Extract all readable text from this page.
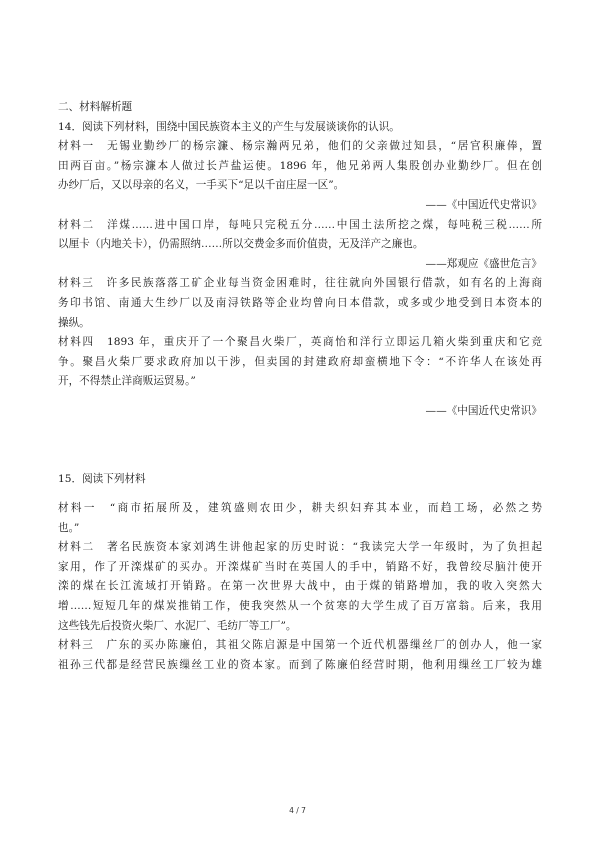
二、材料解析题
14．阅读下列材料，围绕中国民族资本主义的产生与发展谈谈你的认识。
材料一　无锡业勤纱厂的杨宗濂、杨宗瀚两兄弟，他们的父亲做过知县，“居官积廉俸，置
田两百亩。”杨宗濂本人做过长芦盐运使。1896 年，他兄弟两人集股创办业勤纱厂。但在创
办纱厂后，又以母亲的名义，一手买下“足以千亩庄屋一区”。
——《中国近代史常识》
材料二　洋煤……进中国口岸，每吨只完税五分……中国土法所挖之煤，每吨税三税……所
以厘卡（内地关卡），仍需照纳……所以交费金多而价值贵，无及洋产之廉也。
——郑观应《盛世危言》
材料三　许多民族落落工矿企业每当资金困难时，往往就向外国银行借款，如有名的上海商
务印书馆、南通大生纱厂以及南浔铁路等企业均曾向日本借款，或多或少地受到日本资本的
操纵。
材料四　1893 年，重庆开了一个聚昌火柴厂，英商怡和洋行立即运几箱火柴到重庆和它竞
争。聚昌火柴厂要求政府加以干涉，但卖国的封建政府却蛮横地下令：“不许华人在该处再
开，不得禁止洋商贩运贸易。”
——《中国近代史常识》
15．阅读下列材料
材料一　“商市拓展所及，建筑盛则农田少，耕夫织妇弃其本业，而趋工场，必然之势
也。”
材料二　著名民族资本家刘鸿生讲他起家的历史时说：“我读完大学一年级时，为了负担起
家用，作了开滦煤矿的买办。开滦煤矿当时在英国人的手中，销路不好，我曾绞尽脑汁使开
滦的煤在长江流域打开销路。在第一次世界大战中，由于煤的销路增加，我的收入突然大
增……短短几年的煤炭推销工作，使我突然从一个贫寒的大学生成了百万富翁。后来，我用
这些钱先后投资火柴厂、水泥厂、毛纺厂等工厂”。
材料三　广东的买办陈廉伯，其祖父陈启源是中国第一个近代机器缫丝厂的创办人，他一家
祖孙三代都是经营民族缫丝工业的资本家。而到了陈廉伯经营时期，他利用缫丝工厂较为雄
4 / 7
